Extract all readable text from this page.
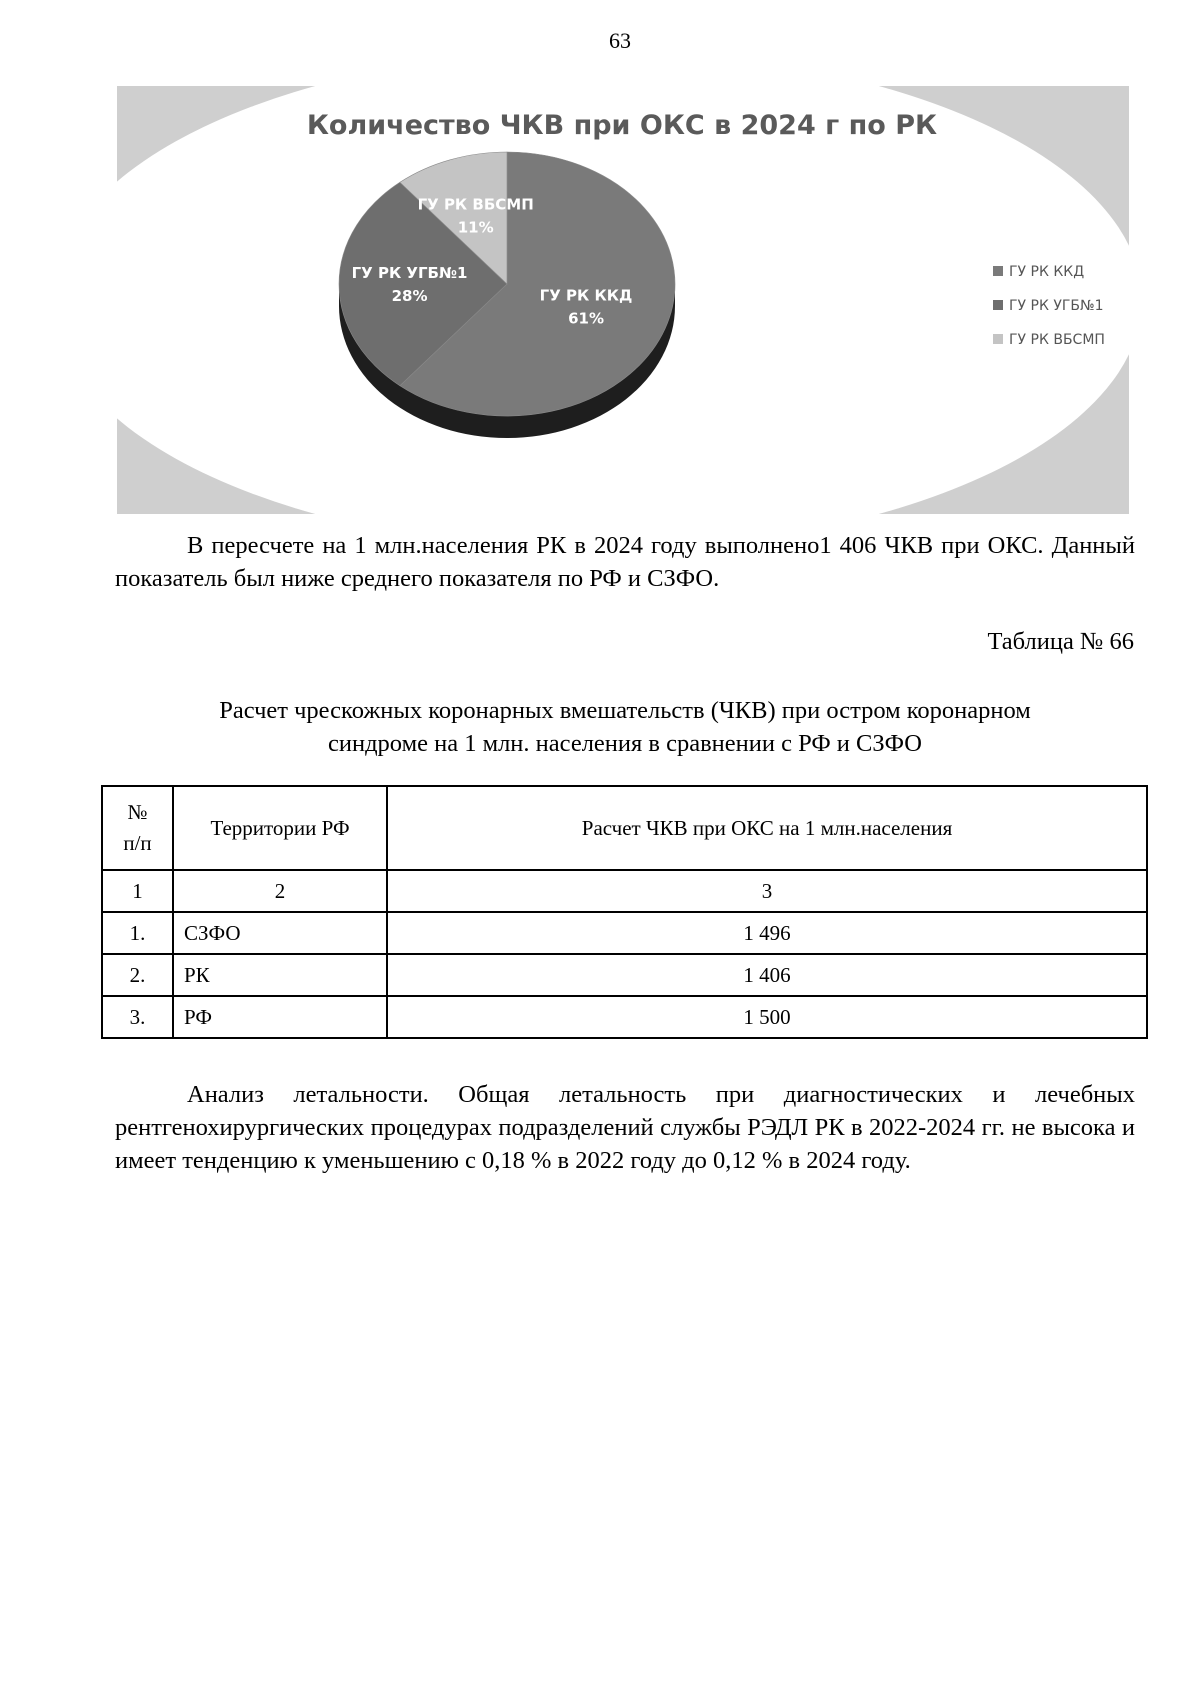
63
Количество ЧКВ при ОКС в 2024 г по РК
ГУ РК ККД
61%
ГУ РК УГБ№1
28%
ГУ РК ВБСМП
11%
ГУ РК ККД
ГУ РК УГБ№1
ГУ РК ВБСМП
В пересчете на 1 млн.населения РК в 2024 году выполнено1 406 ЧКВ при ОКС. Данный показатель был ниже среднего показателя по РФ и СЗФО.
Таблица № 66
Расчет чрескожных коронарных вмешательств (ЧКВ) при остром коронарном
синдроме на 1 млн. населения в сравнении с РФ и СЗФО
№
п/п	Территории РФ	Расчет ЧКВ при ОКС на 1 млн.населения
1	2	3
1.	СЗФО	1 496
2.	РК	1 406
3.	РФ	1 500
Анализ летальности. Общая летальность при диагностических и лечебных рентгенохирургических процедурах подразделений службы РЭДЛ РК в 2022-2024 гг. не высока и имеет тенденцию к уменьшению с 0,18 % в 2022 году до 0,12 % в 2024 году.
